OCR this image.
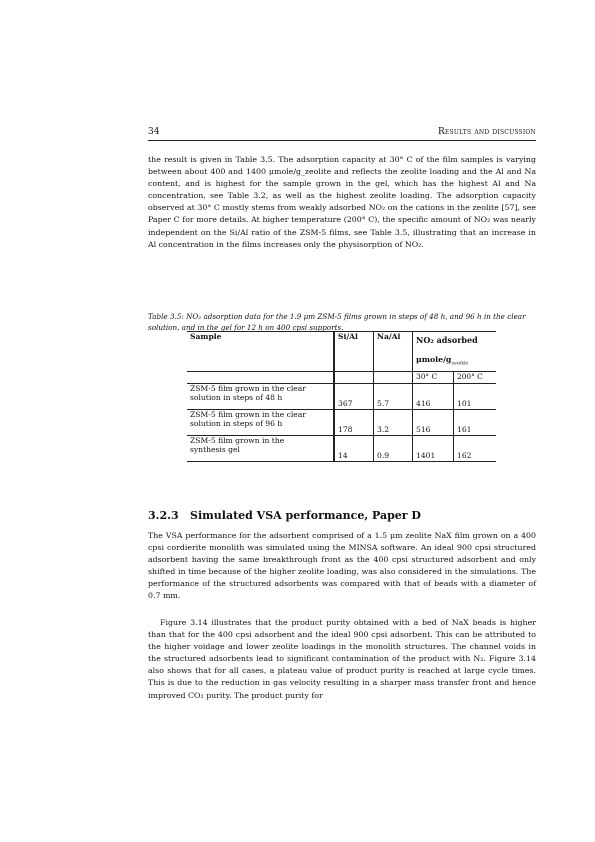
34	Results and discussion

the result is given in Table 3.5. The adsorption capacity at 30° C of the film samples is varying between about 400 and 1400 μmole/g_zeolite and reflects the zeolite loading and the Al and Na content, and is highest for the sample grown in the gel, which has the highest Al and Na concentration, see Table 3.2, as well as the highest zeolite loading. The adsorption capacity observed at 30° C mostly stems from weakly adsorbed NO₂ on the cations in the zeolite [57], see Paper C for more details. At higher temperature (200° C), the specific amount of NO₂ was nearly independent on the Si/Al ratio of the ZSM-5 films, see Table 3.5, illustrating that an increase in Al concentration in the films increases only the physisorption of NO₂.

Table 3.5: NO₂ adsorption data for the 1.9 μm ZSM-5 films grown in steps of 48 h, and 96 h in the clear solution, and in the gel for 12 h on 400 cpsi supports.

Sample	Si/Al	Na/Al	NO₂ adsorbed	
			μmole/$g_{zeolite}$
			30° C	200° C

ZSM-5 film grown in the clear
solution in steps of 48 h	367	5.7	416	101

ZSM-5 film grown in the clear
solution in steps of 96 h	178	3.2	516	161

ZSM-5 film grown in the
synthesis gel	14	0.9	1401	162
3.2.3 Simulated VSA performance, Paper D

The VSA performance for the adsorbent comprised of a 1.5 μm zeolite NaX film grown on a 400 cpsi cordierite monolith was simulated using the MINSA software. An ideal 900 cpsi structured adsorbent having the same breakthrough front as the 400 cpsi structured adsorbent and only shifted in time because of the higher zeolite loading, was also considered in the simulations. The performance of the structured adsorbents was compared with that of beads with a diameter of 0.7 mm.

Figure 3.14 illustrates that the product purity obtained with a bed of NaX beads is higher than that for the 400 cpsi adsorbent and the ideal 900 cpsi adsorbent. This can be attributed to the higher voidage and lower zeolite loadings in the monolith structures. The channel voids in the structured adsorbents lead to significant contamination of the product with N₂. Figure 3.14 also shows that for all cases, a plateau value of product purity is reached at large cycle times. This is due to the reduction in gas velocity resulting in a sharper mass transfer front and hence improved CO₂ purity. The product purity for
